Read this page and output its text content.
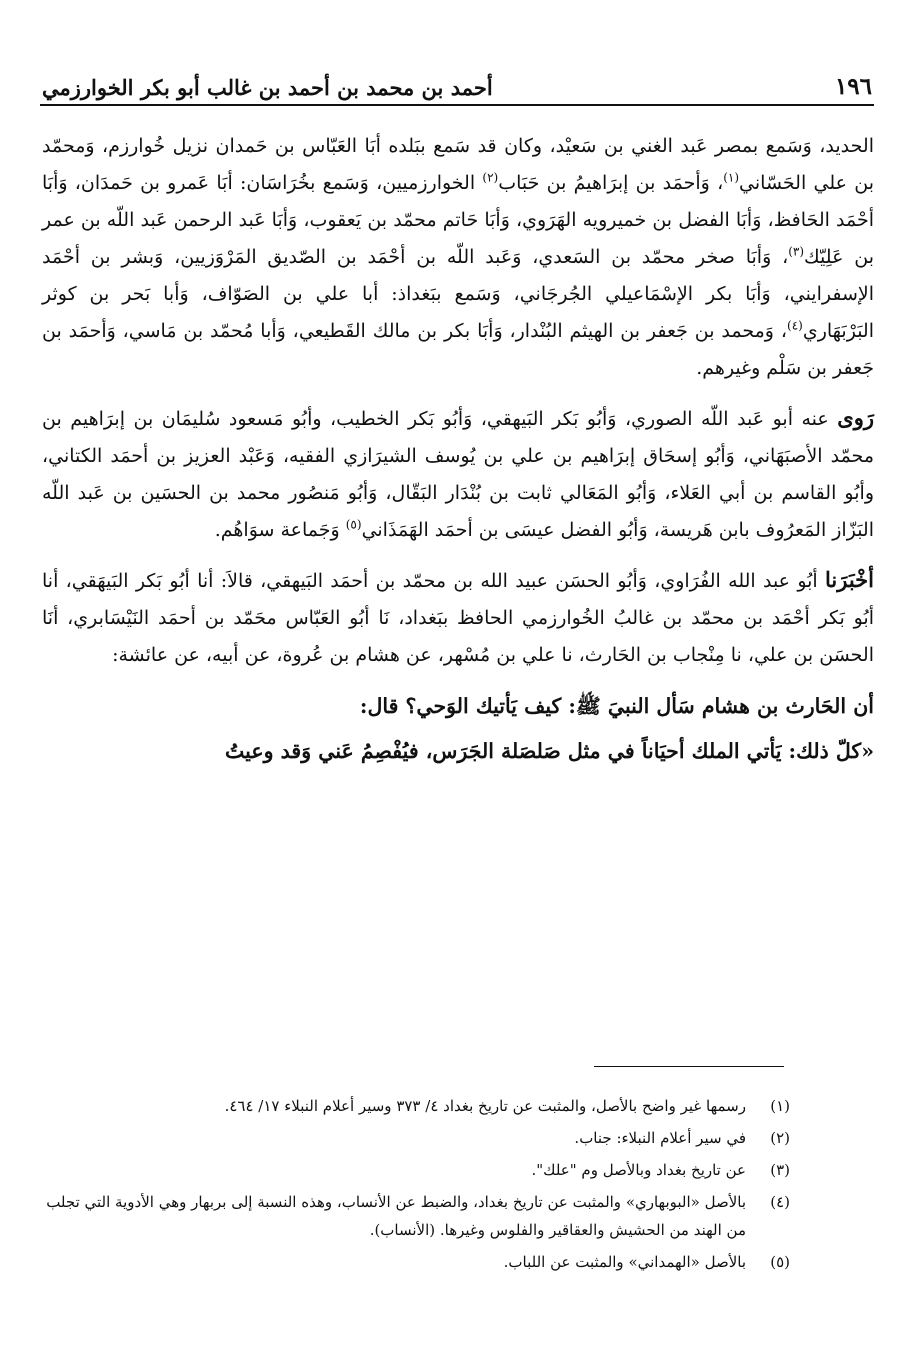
١٩٦
أحمد بن محمد بن أحمد بن غالب أبو بكر الخوارزمي

الحديد، وَسَمع بمصر عَبد الغني بن سَعيْد، وكان قد سَمع ببَلده أبَا العَبّاس بن حَمدان نزيل خُوارزم، وَمحمّد بن علي الحَسّاني$^{(١)}$، وَأحمَد بن إبرَاهيمُ بن حَبَاب$^{(٢)}$ الخوارزميين، وَسَمع بخُرَاسَان: أبَا عَمرو بن حَمدَان، وَأبَا أحْمَد الحَافظ، وَأبَا الفضل بن خميرويه الهَرَوي، وَأبَا حَاتم محمّد بن يَعقوب، وَأبَا عَبد الرحمن عَبد اللّه بن عمر بن عَلِيّك$^{(٣)}$، وَأبَا صخر محمّد بن السَعدي، وَعَبد اللّه بن أحْمَد بن الصّديق المَرْوَزيين، وَبشر بن أحْمَد الإسفرايني، وَأبَا بكر الإسْمَاعيلي الجُرجَاني، وَسَمع ببَغداذ: أبا علي بن الصَوّاف، وَأبا بَحر بن كوثر البَرْبَهَاري$^{(٤)}$، وَمحمد بن جَعفر بن الهيثم البُنْدار، وَأبَا بكر بن مالك القَطيعي، وَأبا مُحمّد بن مَاسي، وَأحمَد بن جَعفر بن سَلْم وغيرهم.

رَوى عنه أبو عَبد اللّه الصوري، وَأبُو بَكر البَيهقي، وَأبُو بَكر الخطيب، وأبُو مَسعود سُليمَان بن إبرَاهيم بن محمّد الأصبَهَاني، وَأبُو إسحَاق إبرَاهيم بن علي بن يُوسف الشيرَازي الفقيه، وَعَبْد العزيز بن أحمَد الكتاني، وأبُو القاسم بن أبي العَلاء، وَأبُو المَعَالي ثابت بن بُنْدَار البَقّال، وَأبُو مَنصُور محمد بن الحسَين بن عَبد اللّه البَزّاز المَعرُوف بابن هَريسة، وَأبُو الفضل عيسَى بن أحمَد الهَمَذَاني$^{(٥)}$ وَجَماعة سوَاهُم.

أخْبَرَنا أبُو عبد الله الفُرَاوي، وَأبُو الحسَن عبيد الله بن محمّد بن أحمَد البَيهقي، قالاَ: أنا أبُو بَكر البَيهَقي، أنا أبُو بَكر أحْمَد بن محمّد بن غالبُ الخُوارزمي الحافظ ببَغداد، نَا أبُو العَبّاس محَمّد بن أحمَد النَيْسَابري، أنَا الحسَن بن علي، نا مِنْجاب بن الحَارث، نا علي بن مُسْهر، عن هشام بن عُروة، عن أبيه، عن عائشة:

أن الحَارث بن هشام سَأل النبيَ ﷺ: كيف يَأتيك الوَحي؟ قال:

«كلّ ذلك: يَأتي الملك أحيَاناً في مثل صَلصَلة الجَرَس، فيُفْصِمُ عَني وَقد وعيتُ

(١)
رسمها غير واضح بالأصل، والمثبت عن تاريخ بغداد ٤/ ٣٧٣ وسير أعلام النبلاء ١٧/ ٤٦٤.
(٢)
في سير أعلام النبلاء: جناب.
(٣)
عن تاريخ بغداد وبالأصل وم "علك".
(٤)
بالأصل «البوبهاري» والمثبت عن تاريخ بغداد، والضبط عن الأنساب، وهذه النسبة إلى بربهار وهي الأدوية التي تجلب من الهند من الحشيش والعقاقير والفلوس وغيرها. (الأنساب).
(٥)
بالأصل «الهمداني» والمثبت عن اللباب.
